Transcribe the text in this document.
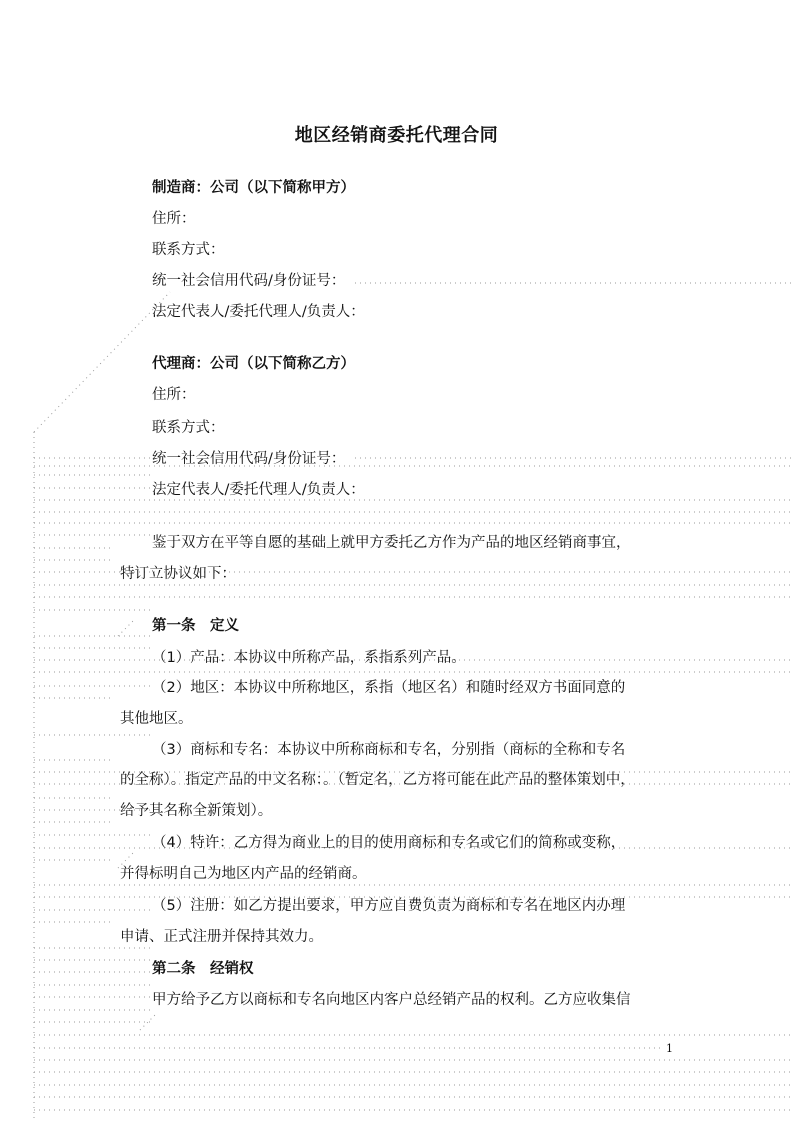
地区经销商委托代理合同
制造商：公司（以下简称甲方）
住所：
联系方式：
统一社会信用代码/身份证号：
法定代表人/委托代理人/负责人：
代理商：公司（以下简称乙方）
住所：
联系方式：
统一社会信用代码/身份证号：
法定代表人/委托代理人/负责人：
鉴于双方在平等自愿的基础上就甲方委托乙方作为产品的地区经销商事宜，
特订立协议如下：
第一条　定义
（1）产品：本协议中所称产品，系指系列产品。
（2）地区：本协议中所称地区，系指（地区名）和随时经双方书面同意的
其他地区。
（3）商标和专名：本协议中所称商标和专名，分别指（商标的全称和专名
的全称）。指定产品的中文名称：。（暂定名，乙方将可能在此产品的整体策划中，
给予其名称全新策划）。
（4）特许：乙方得为商业上的目的使用商标和专名或它们的简称或变称，
并得标明自己为地区内产品的经销商。
（5）注册：如乙方提出要求，甲方应自费负责为商标和专名在地区内办理
申请、正式注册并保持其效力。
第二条　经销权
甲方给予乙方以商标和专名向地区内客户总经销产品的权利。乙方应收集信
1
